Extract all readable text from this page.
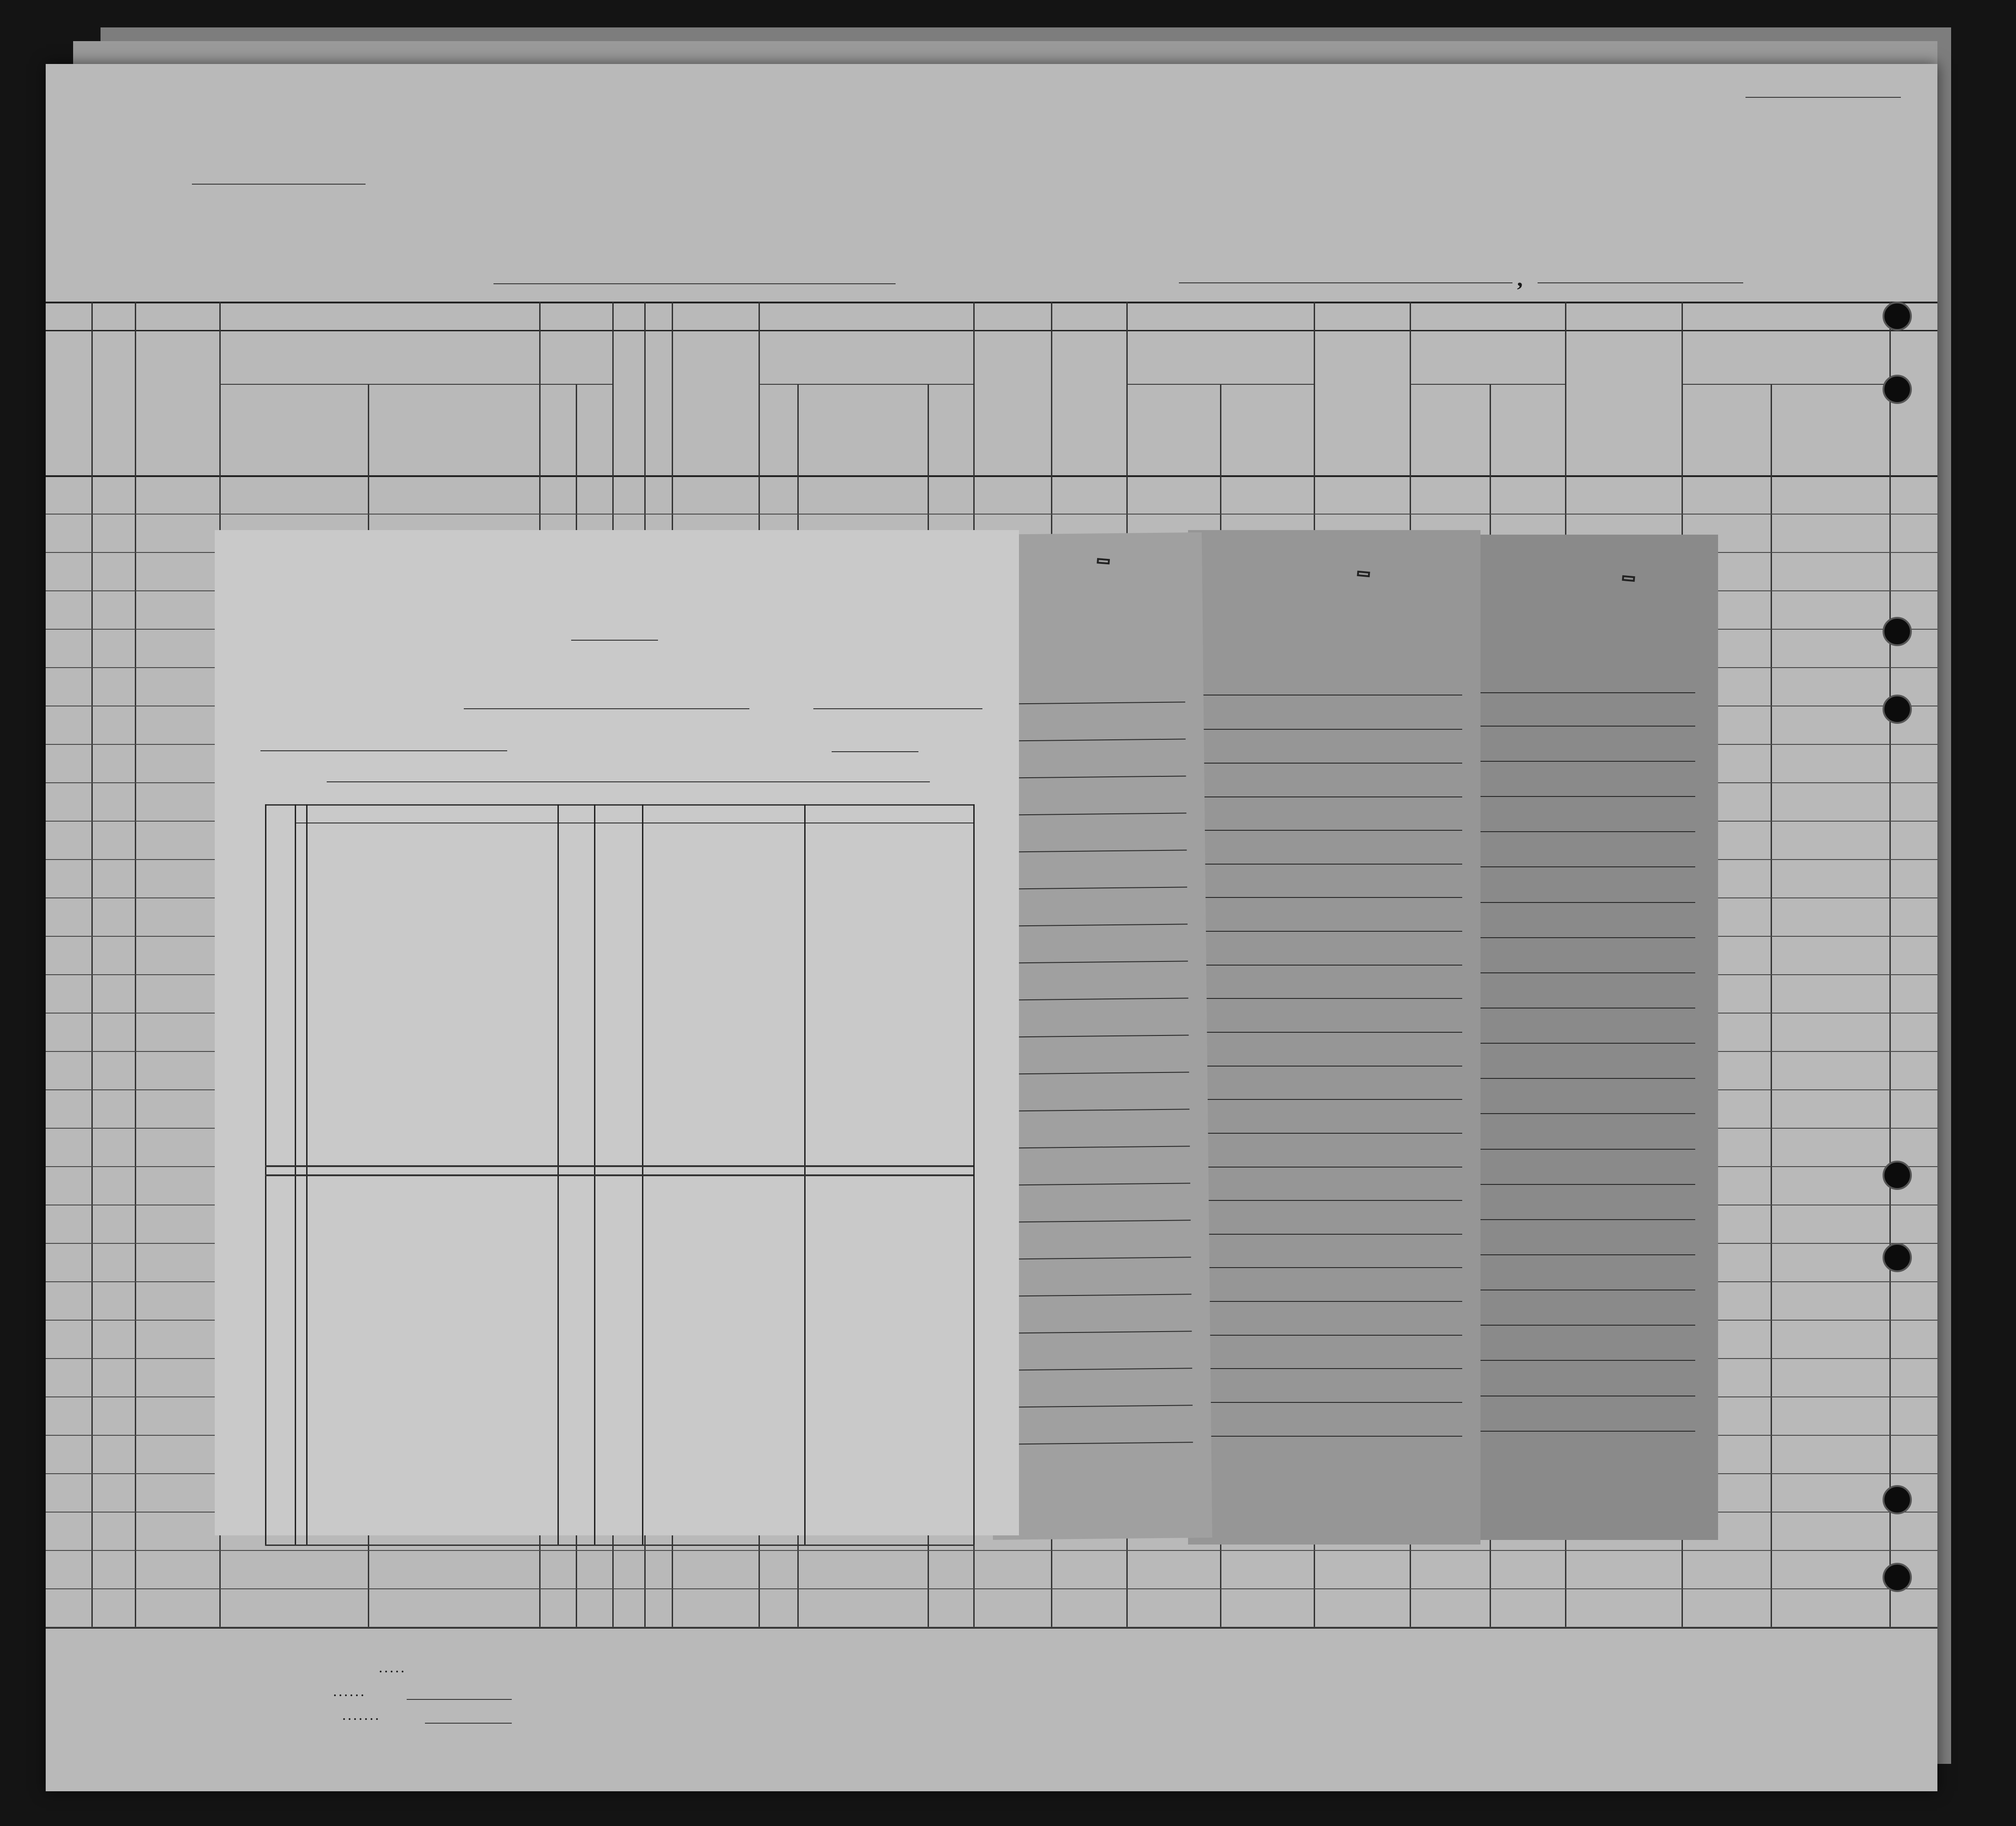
,
. . . . .
. . . . . .
. . . . . . .
